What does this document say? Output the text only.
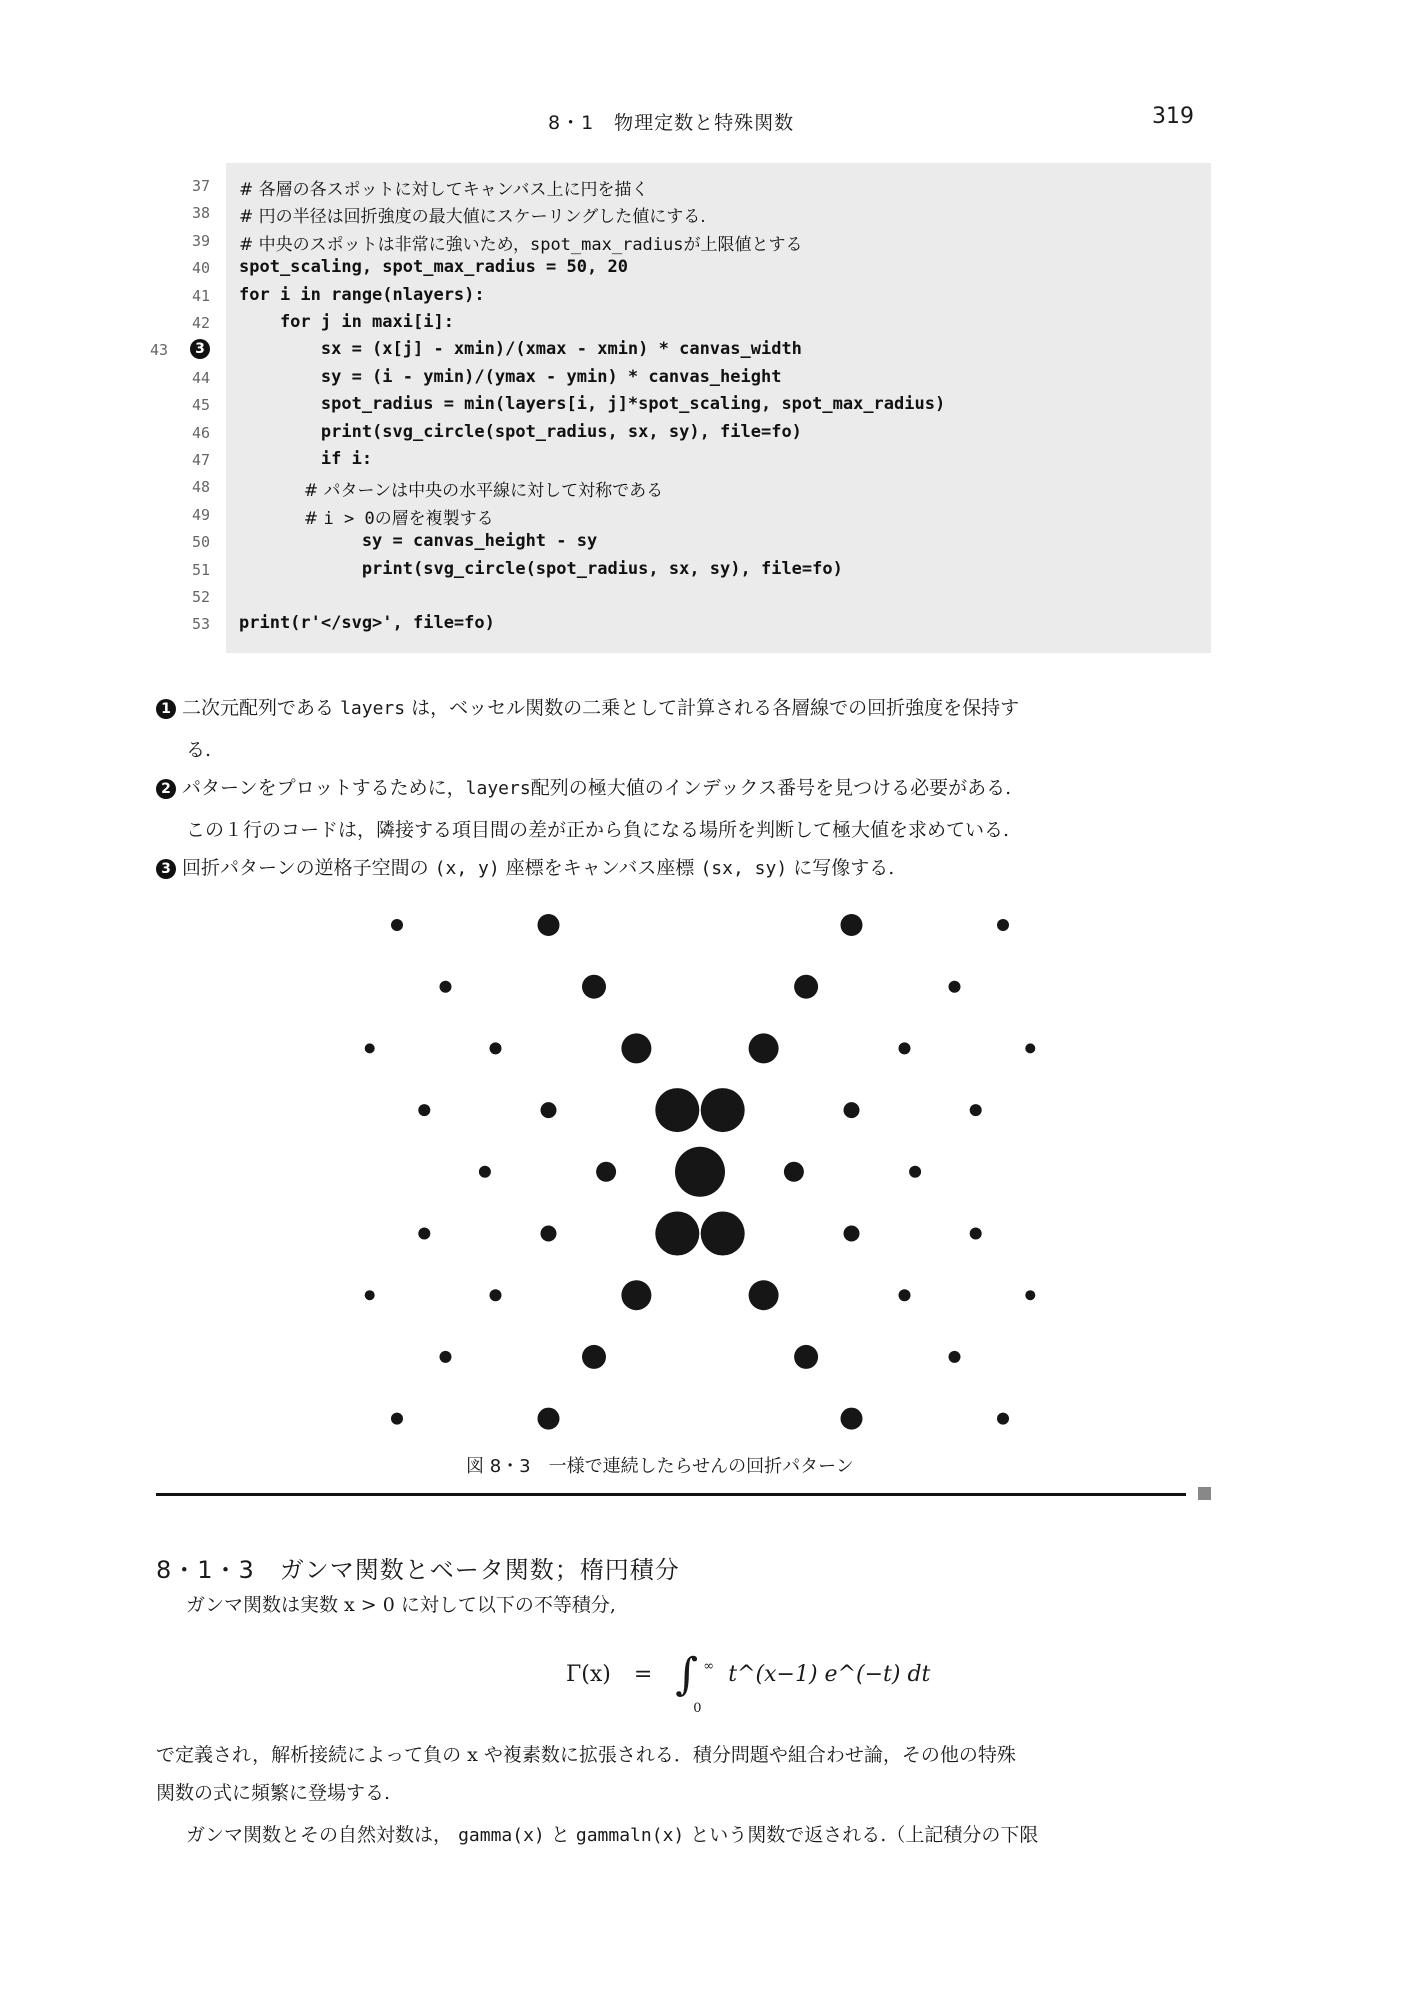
8・1　物理定数と特殊関数	319
37 # 各層の各スポットに対してキャンバス上に円を描く
38 # 円の半径は回折強度の最大値にスケーリングした値にする.
39 # 中央のスポットは非常に強いため，spot_max_radiusが上限値とする
40 spot_scaling, spot_max_radius = 50, 20
41 for i in range(nlayers):
42 for j in maxi[i]:
43	3	sx = (x[j] - xmin)/(xmax - xmin) * canvas_width
44 sy = (i - ymin)/(ymax - ymin) * canvas_height
45 spot_radius = min(layers[i, j]*spot_scaling, spot_max_radius)
46 print(svg_circle(spot_radius, sx, sy), file=fo)
47 if i:
48 # パターンは中央の水平線に対して対称である
49 # i > 0の層を複製する
50 sy = canvas_height - sy
51 print(svg_circle(spot_radius, sx, sy), file=fo)
52
53 print(r'</svg>', file=fo)
1 二次元配列である layers は，ベッセル関数の二乗として計算される各層線での回折強度を保持す
る.
2 パターンをプロットするために，layers配列の極大値のインデックス番号を見つける必要がある.
この１行のコードは，隣接する項目間の差が正から負になる場所を判断して極大値を求めている.
3 回折パターンの逆格子空間の (x, y) 座標をキャンバス座標 (sx, sy) に写像する.
図 8・3　一様で連続したらせんの回折パターン
8・1・3　ガンマ関数とベータ関数；楕円積分
ガンマ関数は実数 x > 0 に対して以下の不等積分,
Γ(x) = ∫ ∞
0
t^(x−1) e^(−t) dt
で定義され，解析接続によって負の x や複素数に拡張される．積分問題や組合わせ論，その他の特殊
関数の式に頻繁に登場する.
ガンマ関数とその自然対数は， gamma(x) と gammaln(x) という関数で返される.（上記積分の下限
